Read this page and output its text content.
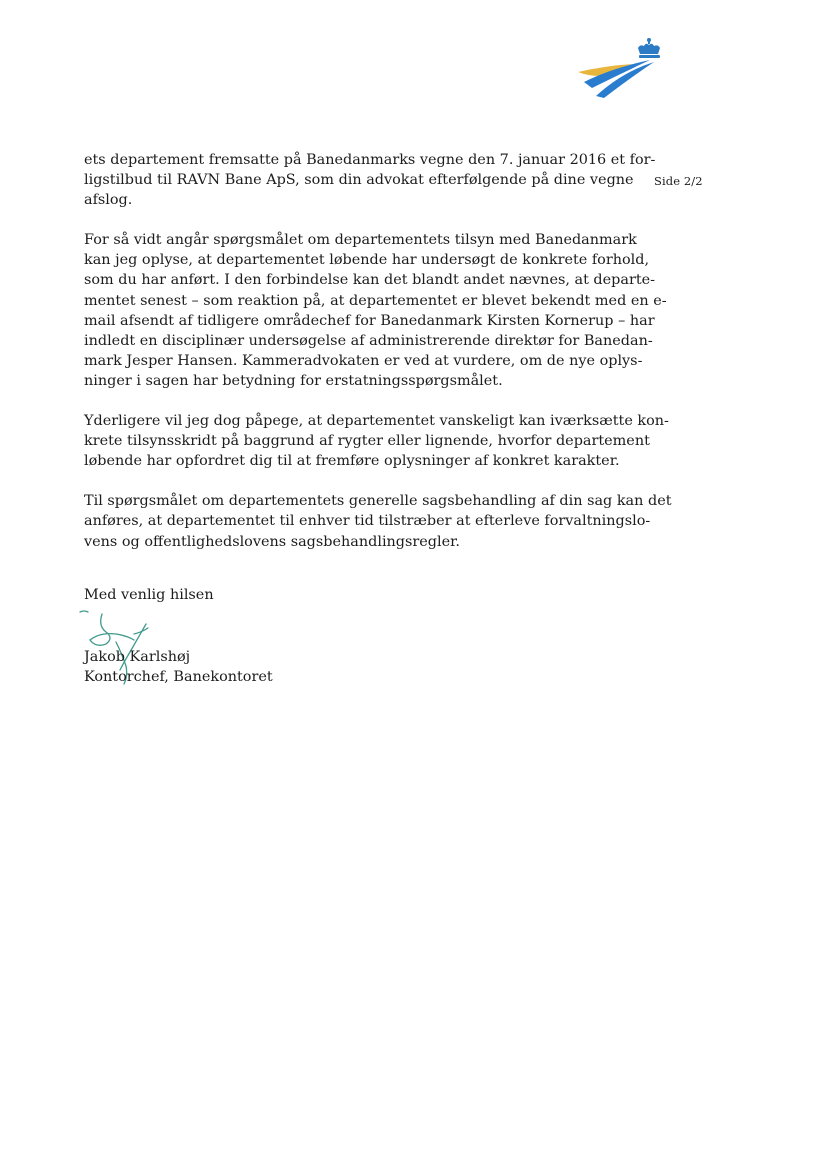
Side 2/2

ets departement fremsatte på Banedanmarks vegne den 7. januar 2016 et for-
ligstilbud til RAVN Bane ApS, som din advokat efterfølgende på dine vegne
afslog.

For så vidt angår spørgsmålet om departementets tilsyn med Banedanmark
kan jeg oplyse, at departementet løbende har undersøgt de konkrete forhold,
som du har anført. I den forbindelse kan det blandt andet nævnes, at departe-
mentet senest – som reaktion på, at departementet er blevet bekendt med en e-
mail afsendt af tidligere områdechef for Banedanmark Kirsten Kornerup – har
indledt en disciplinær undersøgelse af administrerende direktør for Banedan-
mark Jesper Hansen. Kammeradvokaten er ved at vurdere, om de nye oplys-
ninger i sagen har betydning for erstatningsspørgsmålet.

Yderligere vil jeg dog påpege, at departementet vanskeligt kan iværksætte kon-
krete tilsynsskridt på baggrund af rygter eller lignende, hvorfor departement
løbende har opfordret dig til at fremføre oplysninger af konkret karakter.

Til spørgsmålet om departementets generelle sagsbehandling af din sag kan det
anføres, at departementet til enhver tid tilstræber at efterleve forvaltningslo-
vens og offentlighedslovens sagsbehandlingsregler.

Med venlig hilsen
Jakob Karlshøj
Kontorchef, Banekontoret
